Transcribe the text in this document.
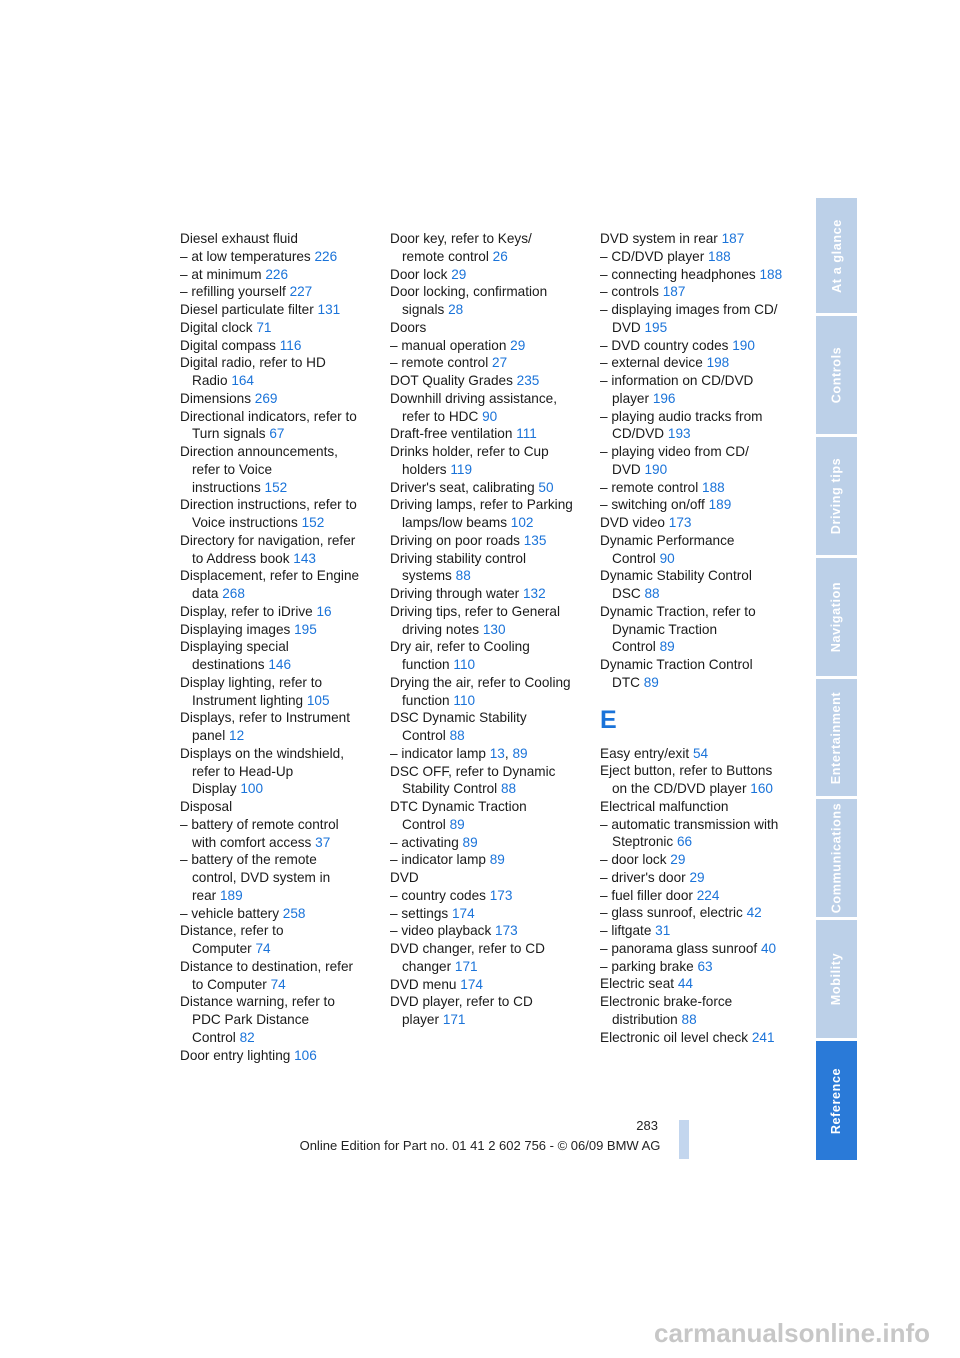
Diesel exhaust fluid
– at low temperatures 226
– at minimum 226
– refilling yourself 227
Diesel particulate filter 131
Digital clock 71
Digital compass 116
Digital radio, refer to HD
Radio 164
Dimensions 269
Directional indicators, refer to
Turn signals 67
Direction announcements,
refer to Voice
instructions 152
Direction instructions, refer to
Voice instructions 152
Directory for navigation, refer
to Address book 143
Displacement, refer to Engine
data 268
Display, refer to iDrive 16
Displaying images 195
Displaying special
destinations 146
Display lighting, refer to
Instrument lighting 105
Displays, refer to Instrument
panel 12
Displays on the windshield,
refer to Head-Up
Display 100
Disposal
– battery of remote control
with comfort access 37
– battery of the remote
control, DVD system in
rear 189
– vehicle battery 258
Distance, refer to
Computer 74
Distance to destination, refer
to Computer 74
Distance warning, refer to
PDC Park Distance
Control 82
Door entry lighting 106
Door key, refer to Keys/
remote control 26
Door lock 29
Door locking, confirmation
signals 28
Doors
– manual operation 29
– remote control 27
DOT Quality Grades 235
Downhill driving assistance,
refer to HDC 90
Draft-free ventilation 111
Drinks holder, refer to Cup
holders 119
Driver's seat, calibrating 50
Driving lamps, refer to Parking
lamps/low beams 102
Driving on poor roads 135
Driving stability control
systems 88
Driving through water 132
Driving tips, refer to General
driving notes 130
Dry air, refer to Cooling
function 110
Drying the air, refer to Cooling
function 110
DSC Dynamic Stability
Control 88
– indicator lamp 13, 89
DSC OFF, refer to Dynamic
Stability Control 88
DTC Dynamic Traction
Control 89
– activating 89
– indicator lamp 89
DVD
– country codes 173
– settings 174
– video playback 173
DVD changer, refer to CD
changer 171
DVD menu 174
DVD player, refer to CD
player 171
DVD system in rear 187
– CD/DVD player 188
– connecting headphones 188
– controls 187
– displaying images from CD/
DVD 195
– DVD country codes 190
– external device 198
– information on CD/DVD
player 196
– playing audio tracks from
CD/DVD 193
– playing video from CD/
DVD 190
– remote control 188
– switching on/off 189
DVD video 173
Dynamic Performance
Control 90
Dynamic Stability Control
DSC 88
Dynamic Traction, refer to
Dynamic Traction
Control 89
Dynamic Traction Control
DTC 89
E
Easy entry/exit 54
Eject button, refer to Buttons
on the CD/DVD player 160
Electrical malfunction
– automatic transmission with
Steptronic 66
– door lock 29
– driver's door 29
– fuel filler door 224
– glass sunroof, electric 42
– liftgate 31
– panorama glass sunroof 40
– parking brake 63
Electric seat 44
Electronic brake-force
distribution 88
Electronic oil level check 241
At a glance
Controls
Driving tips
Navigation
Entertainment
Communications
Mobility
Reference
283
Online Edition for Part no. 01 41 2 602 756 - © 06/09 BMW AG
carmanualsonline.info
